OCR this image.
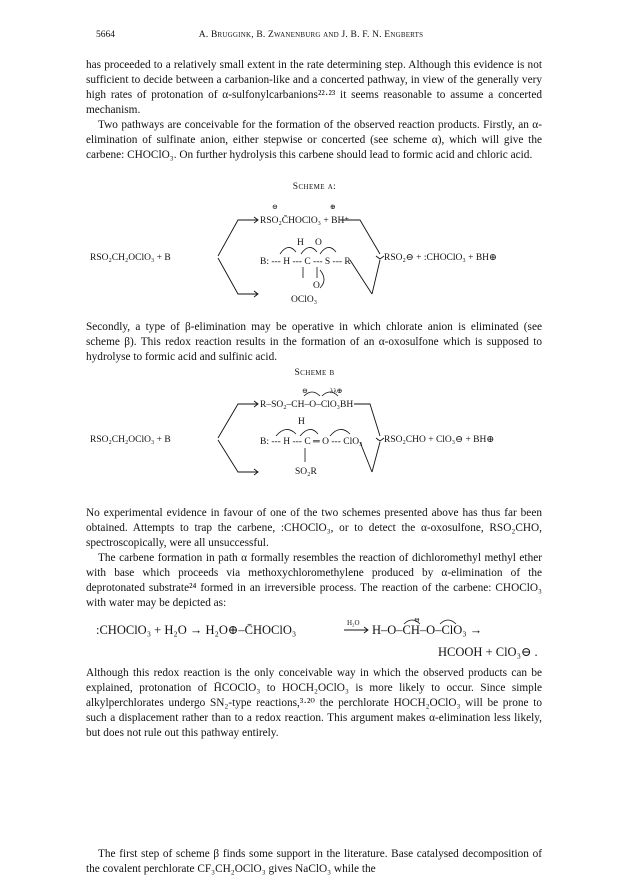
5664	A. Bruggink, B. Zwanenburg and J. B. F. N. Engberts

has proceeded to a relatively small extent in the rate determining step. Although this evidence is not sufficient to decide between a carbanion-like and a concerted pathway, in view of the generally very high rates of protonation of α-sulfonylcarbanions²²·²³ it seems reasonable to assume a concerted mechanism.

Two pathways are conceivable for the formation of the observed reaction products. Firstly, an α-elimination of sulfinate anion, either stepwise or concerted (see scheme α), which will give the carbene: CHOClO₃. On further hydrolysis this carbene should lead to formic acid and chloric acid.

Scheme α:
RSO₂CH₂OClO₃ + B
⊖	⊕
RSO₂C̄HOClO₃ + BH⁺
H O
B: --- H --- C --- S --- R
O
OClO₃
RSO₂⊖ + :CHOClO₃ + BH⊕

Secondly, a type of β-elimination may be operative in which chlorate anion is eliminated (see scheme β). This redox reaction results in the formation of an α-oxosulfone which is supposed to hydrolyse to formic acid and sulfinic acid.

Scheme β
RSO₂CH₂OClO₃ + B
⊖	λλ⊕
R–SO₂–CH–O–ClO₃BH
H
B: --- H --- C ═ O --- ClO₃
SO₂R
RSO₂CHO + ClO₃⊖ + BH⊕

No experimental evidence in favour of one of the two schemes presented above has thus far been obtained. Attempts to trap the carbene, :CHOClO₃, or to detect the α-oxosulfone, RSO₂CHO, spectroscopically, were all unsuccessful.

The carbene formation in path α formally resembles the reaction of dichloromethyl methyl ether with base which proceeds via methoxychloromethylene produced by α-elimination of the deprotonated substrate²⁴ formed in an irreversible process. The reaction of the carbene: CHOClO₃ with water may be depicted as:

:CHOClO₃ + H₂O → H₂O⊕–C̄HOClO₃	H₂O	⊖
H–O–CH–O–ClO₃ →
HCOOH + ClO₃⊖ .

Although this redox reaction is the only conceivable way in which the observed products can be explained, protonation of H̄COClO₃ to HOCH₂OClO₃ is more likely to occur. Since simple alkylperchlorates undergo SN₂-type reactions,³·²⁰ the perchlorate HOCH₂OClO₃ will be prone to such a displacement rather than to a redox reaction. This argument makes α-elimination less likely, but does not rule out this pathway entirely.

The first step of scheme β finds some support in the literature. Base catalysed decomposition of the covalent perchlorate CF₃CH₂OClO₃ gives NaClO₃ while the
